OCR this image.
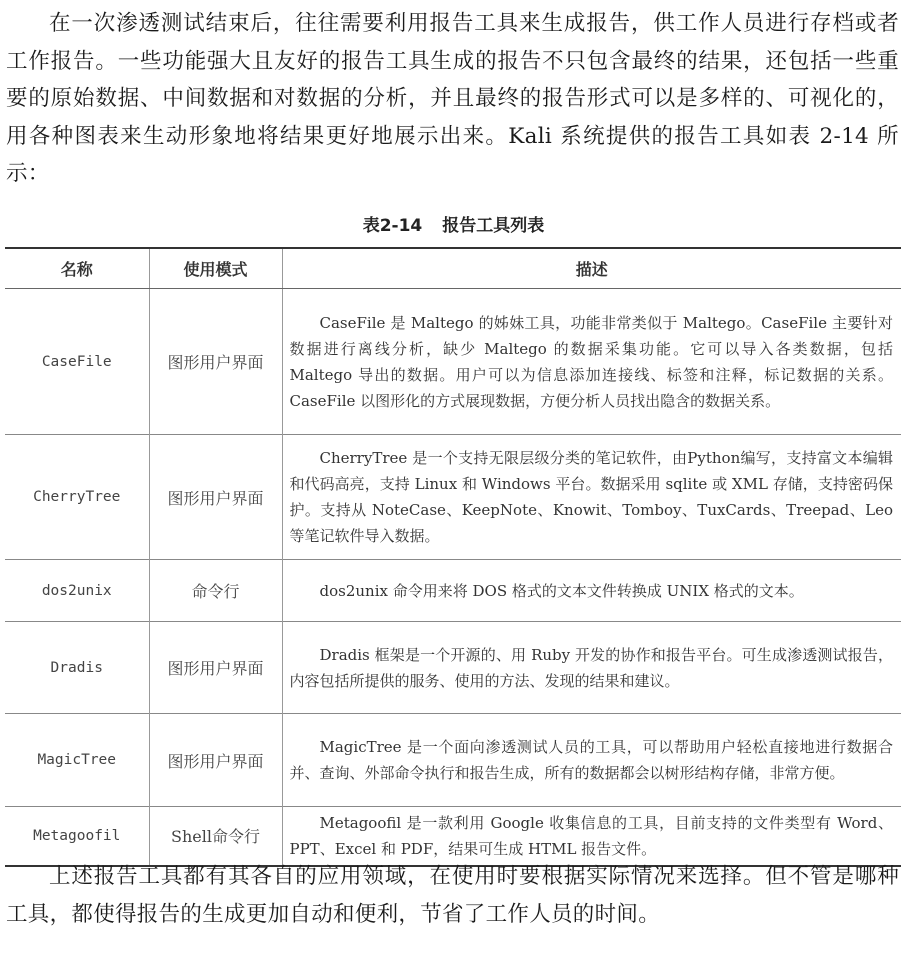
在一次渗透测试结束后，往往需要利用报告工具来生成报告，供工作人员进行存档或者工作报告。一些功能强大且友好的报告工具生成的报告不只包含最终的结果，还包括一些重要的原始数据、中间数据和对数据的分析，并且最终的报告形式可以是多样的、可视化的，用各种图表来生动形象地将结果更好地展示出来。Kali 系统提供的报告工具如表 2-14 所示：

表2-14 报告工具列表
名称	使用模式	描述
CaseFile	图形用户界面	CaseFile 是 Maltego 的姊妹工具，功能非常类似于 Maltego。CaseFile 主要针对数据进行离线分析，缺少 Maltego 的数据采集功能。它可以导入各类数据，包括 Maltego 导出的数据。用户可以为信息添加连接线、标签和注释，标记数据的关系。CaseFile 以图形化的方式展现数据，方便分析人员找出隐含的数据关系。
CherryTree	图形用户界面	CherryTree 是一个支持无限层级分类的笔记软件，由Python编写，支持富文本编辑和代码高亮，支持 Linux 和 Windows 平台。数据采用 sqlite 或 XML 存储，支持密码保护。支持从 NoteCase、KeepNote、Knowit、Tomboy、TuxCards、Treepad、Leo 等笔记软件导入数据。
dos2unix	命令行	dos2unix 命令用来将 DOS 格式的文本文件转换成 UNIX 格式的文本。
Dradis	图形用户界面	Dradis 框架是一个开源的、用 Ruby 开发的协作和报告平台。可生成渗透测试报告，内容包括所提供的服务、使用的方法、发现的结果和建议。
MagicTree	图形用户界面	MagicTree 是一个面向渗透测试人员的工具，可以帮助用户轻松直接地进行数据合并、查询、外部命令执行和报告生成，所有的数据都会以树形结构存储，非常方便。
Metagoofil	Shell命令行	Metagoofil 是一款利用 Google 收集信息的工具，目前支持的文件类型有 Word、PPT、Excel 和 PDF，结果可生成 HTML 报告文件。

上述报告工具都有其各自的应用领域，在使用时要根据实际情况来选择。但不管是哪种工具，都使得报告的生成更加自动和便利，节省了工作人员的时间。
